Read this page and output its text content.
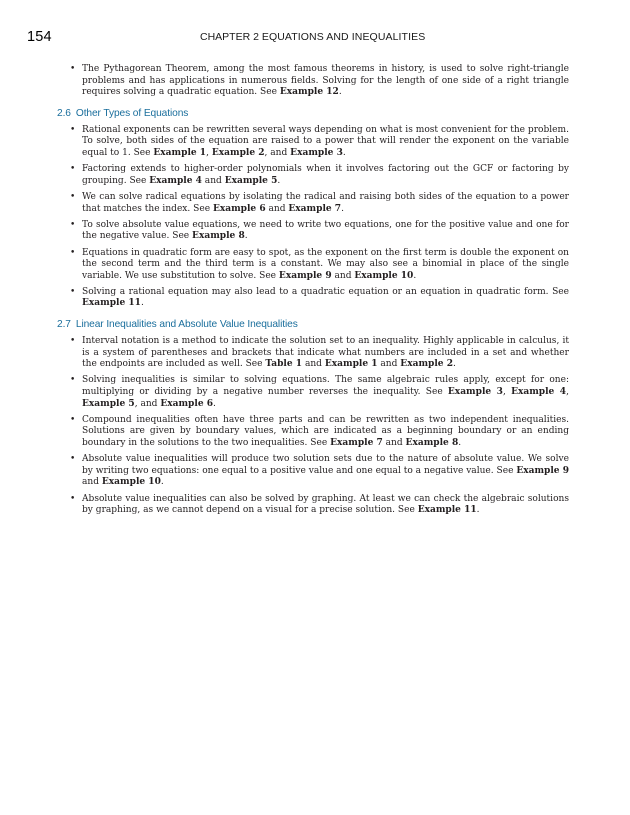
154	CHAPTER 2 EQUATIONS AND INEQUALITIES
• The Pythagorean Theorem, among the most famous theorems in history, is used to solve right-triangle problems and has applications in numerous fields. Solving for the length of one side of a right triangle requires solving a quadratic equation. See Example 12.
2.6 Other Types of Equations
• Rational exponents can be rewritten several ways depending on what is most convenient for the problem. To solve, both sides of the equation are raised to a power that will render the exponent on the variable equal to 1. See Example 1, Example 2, and Example 3.
• Factoring extends to higher-order polynomials when it involves factoring out the GCF or factoring by grouping. See Example 4 and Example 5.
• We can solve radical equations by isolating the radical and raising both sides of the equation to a power that matches the index. See Example 6 and Example 7.
• To solve absolute value equations, we need to write two equations, one for the positive value and one for the negative value. See Example 8.
• Equations in quadratic form are easy to spot, as the exponent on the first term is double the exponent on the second term and the third term is a constant. We may also see a binomial in place of the single variable. We use substitution to solve. See Example 9 and Example 10.
• Solving a rational equation may also lead to a quadratic equation or an equation in quadratic form. See Example 11.
2.7 Linear Inequalities and Absolute Value Inequalities
• Interval notation is a method to indicate the solution set to an inequality. Highly applicable in calculus, it is a system of parentheses and brackets that indicate what numbers are included in a set and whether the endpoints are included as well. See Table 1 and Example 1 and Example 2.
• Solving inequalities is similar to solving equations. The same algebraic rules apply, except for one: multiplying or dividing by a negative number reverses the inequality. See Example 3, Example 4, Example 5, and Example 6.
• Compound inequalities often have three parts and can be rewritten as two independent inequalities. Solutions are given by boundary values, which are indicated as a beginning boundary or an ending boundary in the solutions to the two inequalities. See Example 7 and Example 8.
• Absolute value inequalities will produce two solution sets due to the nature of absolute value. We solve by writing two equations: one equal to a positive value and one equal to a negative value. See Example 9 and Example 10.
• Absolute value inequalities can also be solved by graphing. At least we can check the algebraic solutions by graphing, as we cannot depend on a visual for a precise solution. See Example 11.
